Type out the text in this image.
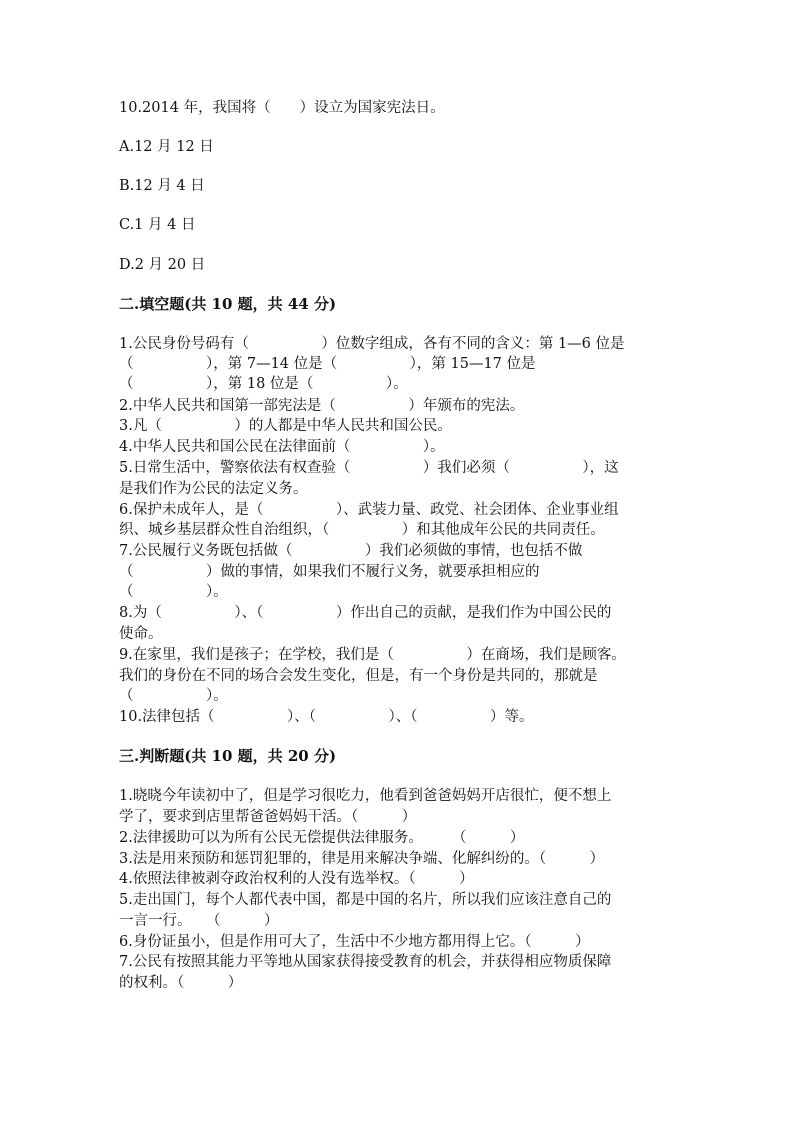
10.2014 年，我国将（　　）设立为国家宪法日。
A.12 月 12 日
B.12 月 4 日
C.1 月 4 日
D.2 月 20 日
二.填空题(共 10 题，共 44 分)
1.公民身份号码有（　　　　　）位数字组成，各有不同的含义：第 1—6 位是
（　　　　　），第 7—14 位是（　　　　　），第 15—17 位是
（　　　　　），第 18 位是（　　　　　）。
2.中华人民共和国第一部宪法是（　　　　　）年颁布的宪法。
3.凡（　　　　　）的人都是中华人民共和国公民。
4.中华人民共和国公民在法律面前（　　　　　）。
5.日常生活中，警察依法有权查验（　　　　　）我们必须（　　　　　），这
是我们作为公民的法定义务。
6.保护未成年人，是（　　　　　）、武装力量、政党、社会团体、企业事业组
织、城乡基层群众性自治组织，（　　　　　）和其他成年公民的共同责任。
7.公民履行义务既包括做（　　　　　）我们必须做的事情，也包括不做
（　　　　　）做的事情，如果我们不履行义务，就要承担相应的
（　　　　　）。
8.为（　　　　　）、（　　　　　）作出自己的贡献，是我们作为中国公民的
使命。
9.在家里，我们是孩子；在学校，我们是（　　　　　）在商场，我们是顾客。
我们的身份在不同的场合会发生变化，但是，有一个身份是共同的，那就是
（　　　　　）。
10.法律包括（　　　　　）、（　　　　　）、（　　　　　）等。
三.判断题(共 10 题，共 20 分)
1.晓晓今年读初中了，但是学习很吃力，他看到爸爸妈妈开店很忙，便不想上
学了，要求到店里帮爸爸妈妈干活。（　　　）
2.法律援助可以为所有公民无偿提供法律服务。　　　（　　　）
3.法是用来预防和惩罚犯罪的，律是用来解决争端、化解纠纷的。（　　　）
4.依照法律被剥夺政治权利的人没有选举权。（　　　）
5.走出国门，每个人都代表中国，都是中国的名片，所以我们应该注意自己的
一言一行。　　（　　　）
6.身份证虽小，但是作用可大了，生活中不少地方都用得上它。（　　　）
7.公民有按照其能力平等地从国家获得接受教育的机会，并获得相应物质保障
的权利。（　　　）
